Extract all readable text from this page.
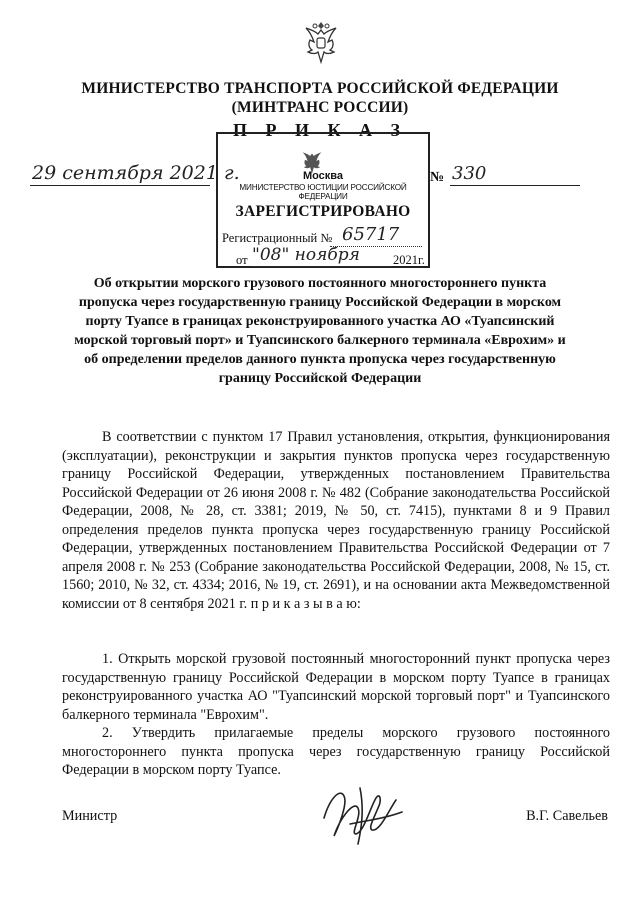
МИНИСТЕРСТВО ТРАНСПОРТА РОССИЙСКОЙ ФЕДЕРАЦИИ
(МИНТРАНС РОССИИ)
П Р И К А З
29 сентября 2021 г.	№ 330
Москва
МИНИСТЕРСТВО ЮСТИЦИИ РОССИЙСКОЙ ФЕДЕРАЦИИ
ЗАРЕГИСТРИРОВАНО
Регистрационный № 65717
от "08" ноября	2021г.
Об открытии морского грузового постоянного многостороннего пункта пропуска через государственную границу Российской Федерации в морском порту Туапсе в границах реконструированного участка АО «Туапсинский морской торговый порт» и Туапсинского балкерного терминала «Еврохим» и об определении пределов данного пункта пропуска через государственную границу Российской Федерации
В соответствии с пунктом 17 Правил установления, открытия, функционирования (эксплуатации), реконструкции и закрытия пунктов пропуска через государственную границу Российской Федерации, утвержденных постановлением Правительства Российской Федерации от 26 июня 2008 г. № 482 (Собрание законодательства Российской Федерации, 2008, № 28, ст. 3381; 2019, № 50, ст. 7415), пунктами 8 и 9 Правил определения пределов пункта пропуска через государственную границу Российской Федерации, утвержденных постановлением Правительства Российской Федерации от 7 апреля 2008 г. № 253 (Собрание законодательства Российской Федерации, 2008, № 15, ст. 1560; 2010, № 32, ст. 4334; 2016, № 19, ст. 2691), и на основании акта Межведомственной комиссии от 8 сентября 2021 г. п р и к а з ы в а ю:
1. Открыть морской грузовой постоянный многосторонний пункт пропуска через государственную границу Российской Федерации в морском порту Туапсе в границах реконструированного участка АО "Туапсинский морской торговый порт" и Туапсинского балкерного терминала "Еврохим".
2. Утвердить прилагаемые пределы морского грузового постоянного многостороннего пункта пропуска через государственную границу Российской Федерации в морском порту Туапсе.
Министр	В.Г. Савельев
